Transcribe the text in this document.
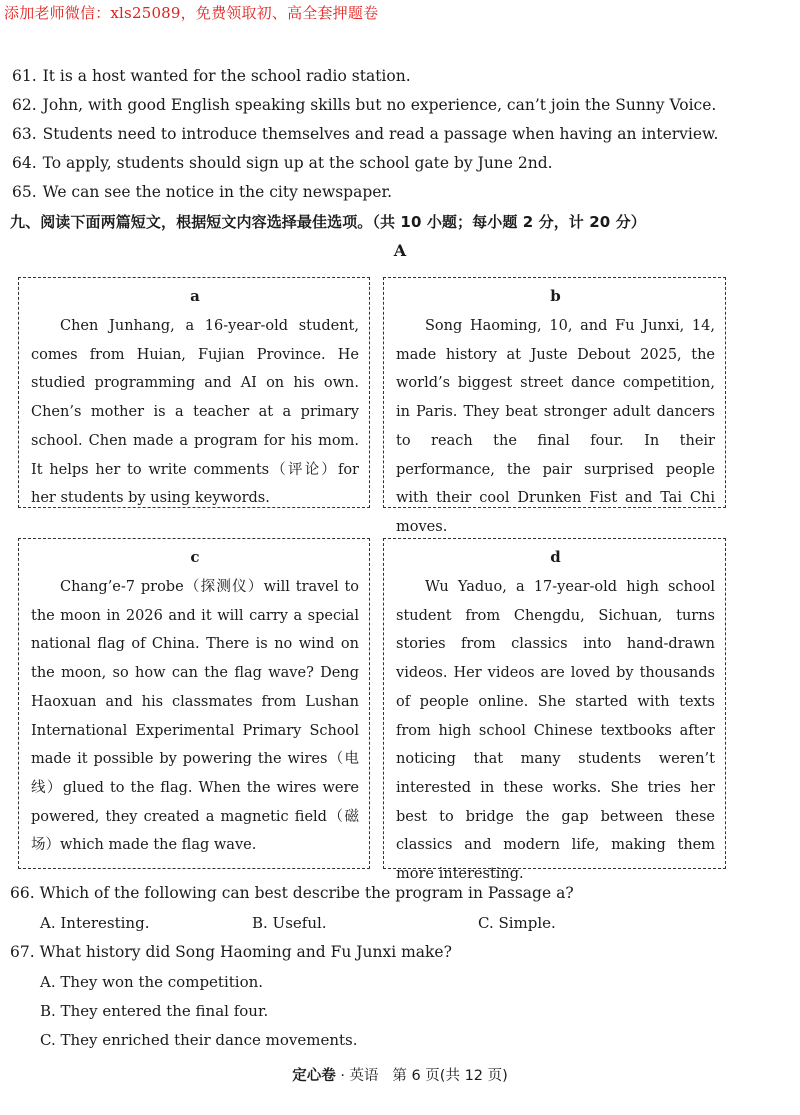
添加老师微信：xls25089，免费领取初、高全套押题卷
61. It is a host wanted for the school radio station.
62. John, with good English speaking skills but no experience, can’t join the Sunny Voice.
63. Students need to introduce themselves and read a passage when having an interview.
64. To apply, students should sign up at the school gate by June 2nd.
65. We can see the notice in the city newspaper.
九、阅读下面两篇短文，根据短文内容选择最佳选项。（共 10 小题；每小题 2 分，计 20 分）
A
a
Chen Junhang, a 16-year-old student, comes from Huian, Fujian Province. He studied programming and AI on his own. Chen’s mother is a teacher at a primary school. Chen made a program for his mom. It helps her to write comments（评论）for her students by using keywords.
b
Song Haoming, 10, and Fu Junxi, 14, made history at Juste Debout 2025, the world’s biggest street dance competition, in Paris. They beat stronger adult dancers to reach the final four. In their performance, the pair surprised people with their cool Drunken Fist and Tai Chi moves.
c
Chang’e-7 probe（探测仪）will travel to the moon in 2026 and it will carry a special national flag of China. There is no wind on the moon, so how can the flag wave? Deng Haoxuan and his classmates from Lushan International Experimental Primary School made it possible by powering the wires（电线）glued to the flag. When the wires were powered, they created a magnetic field（磁场）which made the flag wave.
d
Wu Yaduo, a 17-year-old high school student from Chengdu, Sichuan, turns stories from classics into hand-drawn videos. Her videos are loved by thousands of people online. She started with texts from high school Chinese textbooks after noticing that many students weren’t interested in these works. She tries her best to bridge the gap between these classics and modern life, making them more interesting.
66. Which of the following can best describe the program in Passage a?
A. Interesting.	B. Useful.	C. Simple.
67. What history did Song Haoming and Fu Junxi make?
A. They won the competition.
B. They entered the final four.
C. They enriched their dance movements.
定心卷 · 英语 第 6 页(共 12 页)
